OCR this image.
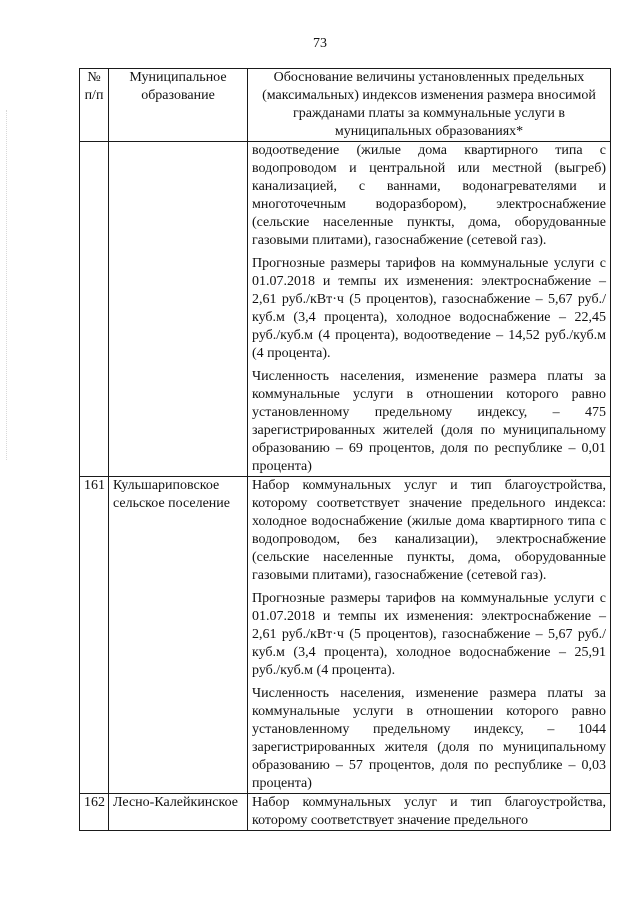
73
№ п/п	Муниципальное образование	Обоснование величины установленных предельных (максимальных) индексов изменения размера вносимой гражданами платы за коммунальные услуги в муниципальных образованиях*

		водоотведение (жилые дома квартирного типа с водопроводом и центральной или местной (выгреб) канализацией, с ваннами, водонагревателями и многоточечным водоразбором), электроснабжение (сельские населенные пункты, дома, оборудованные газовыми плитами), газоснабжение (сетевой газ).
Прогнозные размеры тарифов на коммунальные услуги с 01.07.2018 и темпы их изменения: электроснабжение – 2,61 руб./кВт·ч (5 процентов), газоснабжение – 5,67 руб./куб.м (3,4 процента), холодное водоснабжение – 22,45 руб./куб.м (4 процента), водоотведение – 14,52 руб./куб.м (4 процента).
Численность населения, изменение размера платы за коммунальные услуги в отношении которого равно установленному предельному индексу, – 475 зарегистрированных жителей (доля по муниципальному образованию – 69 процентов, доля по республике – 0,01 процента)

161	Кульшариповское сельское поселение	Набор коммунальных услуг и тип благоустройства, которому соответствует значение предельного индекса: холодное водоснабжение (жилые дома квартирного типа с водопроводом, без канализации), электроснабжение (сельские населенные пункты, дома, оборудованные газовыми плитами), газоснабжение (сетевой газ).
Прогнозные размеры тарифов на коммунальные услуги с 01.07.2018 и темпы их изменения: электроснабжение – 2,61 руб./кВт·ч (5 процентов), газоснабжение – 5,67 руб./куб.м (3,4 процента), холодное водоснабжение – 25,91 руб./куб.м (4 процента).
Численность населения, изменение размера платы за коммунальные услуги в отношении которого равно установленному предельному индексу, – 1044 зарегистрированных жителя (доля по муниципальному образованию – 57 процентов, доля по республике – 0,03 процента)

162	Лесно-Калейкинское	Набор коммунальных услуг и тип благоустройства, которому соответствует значение предельного
